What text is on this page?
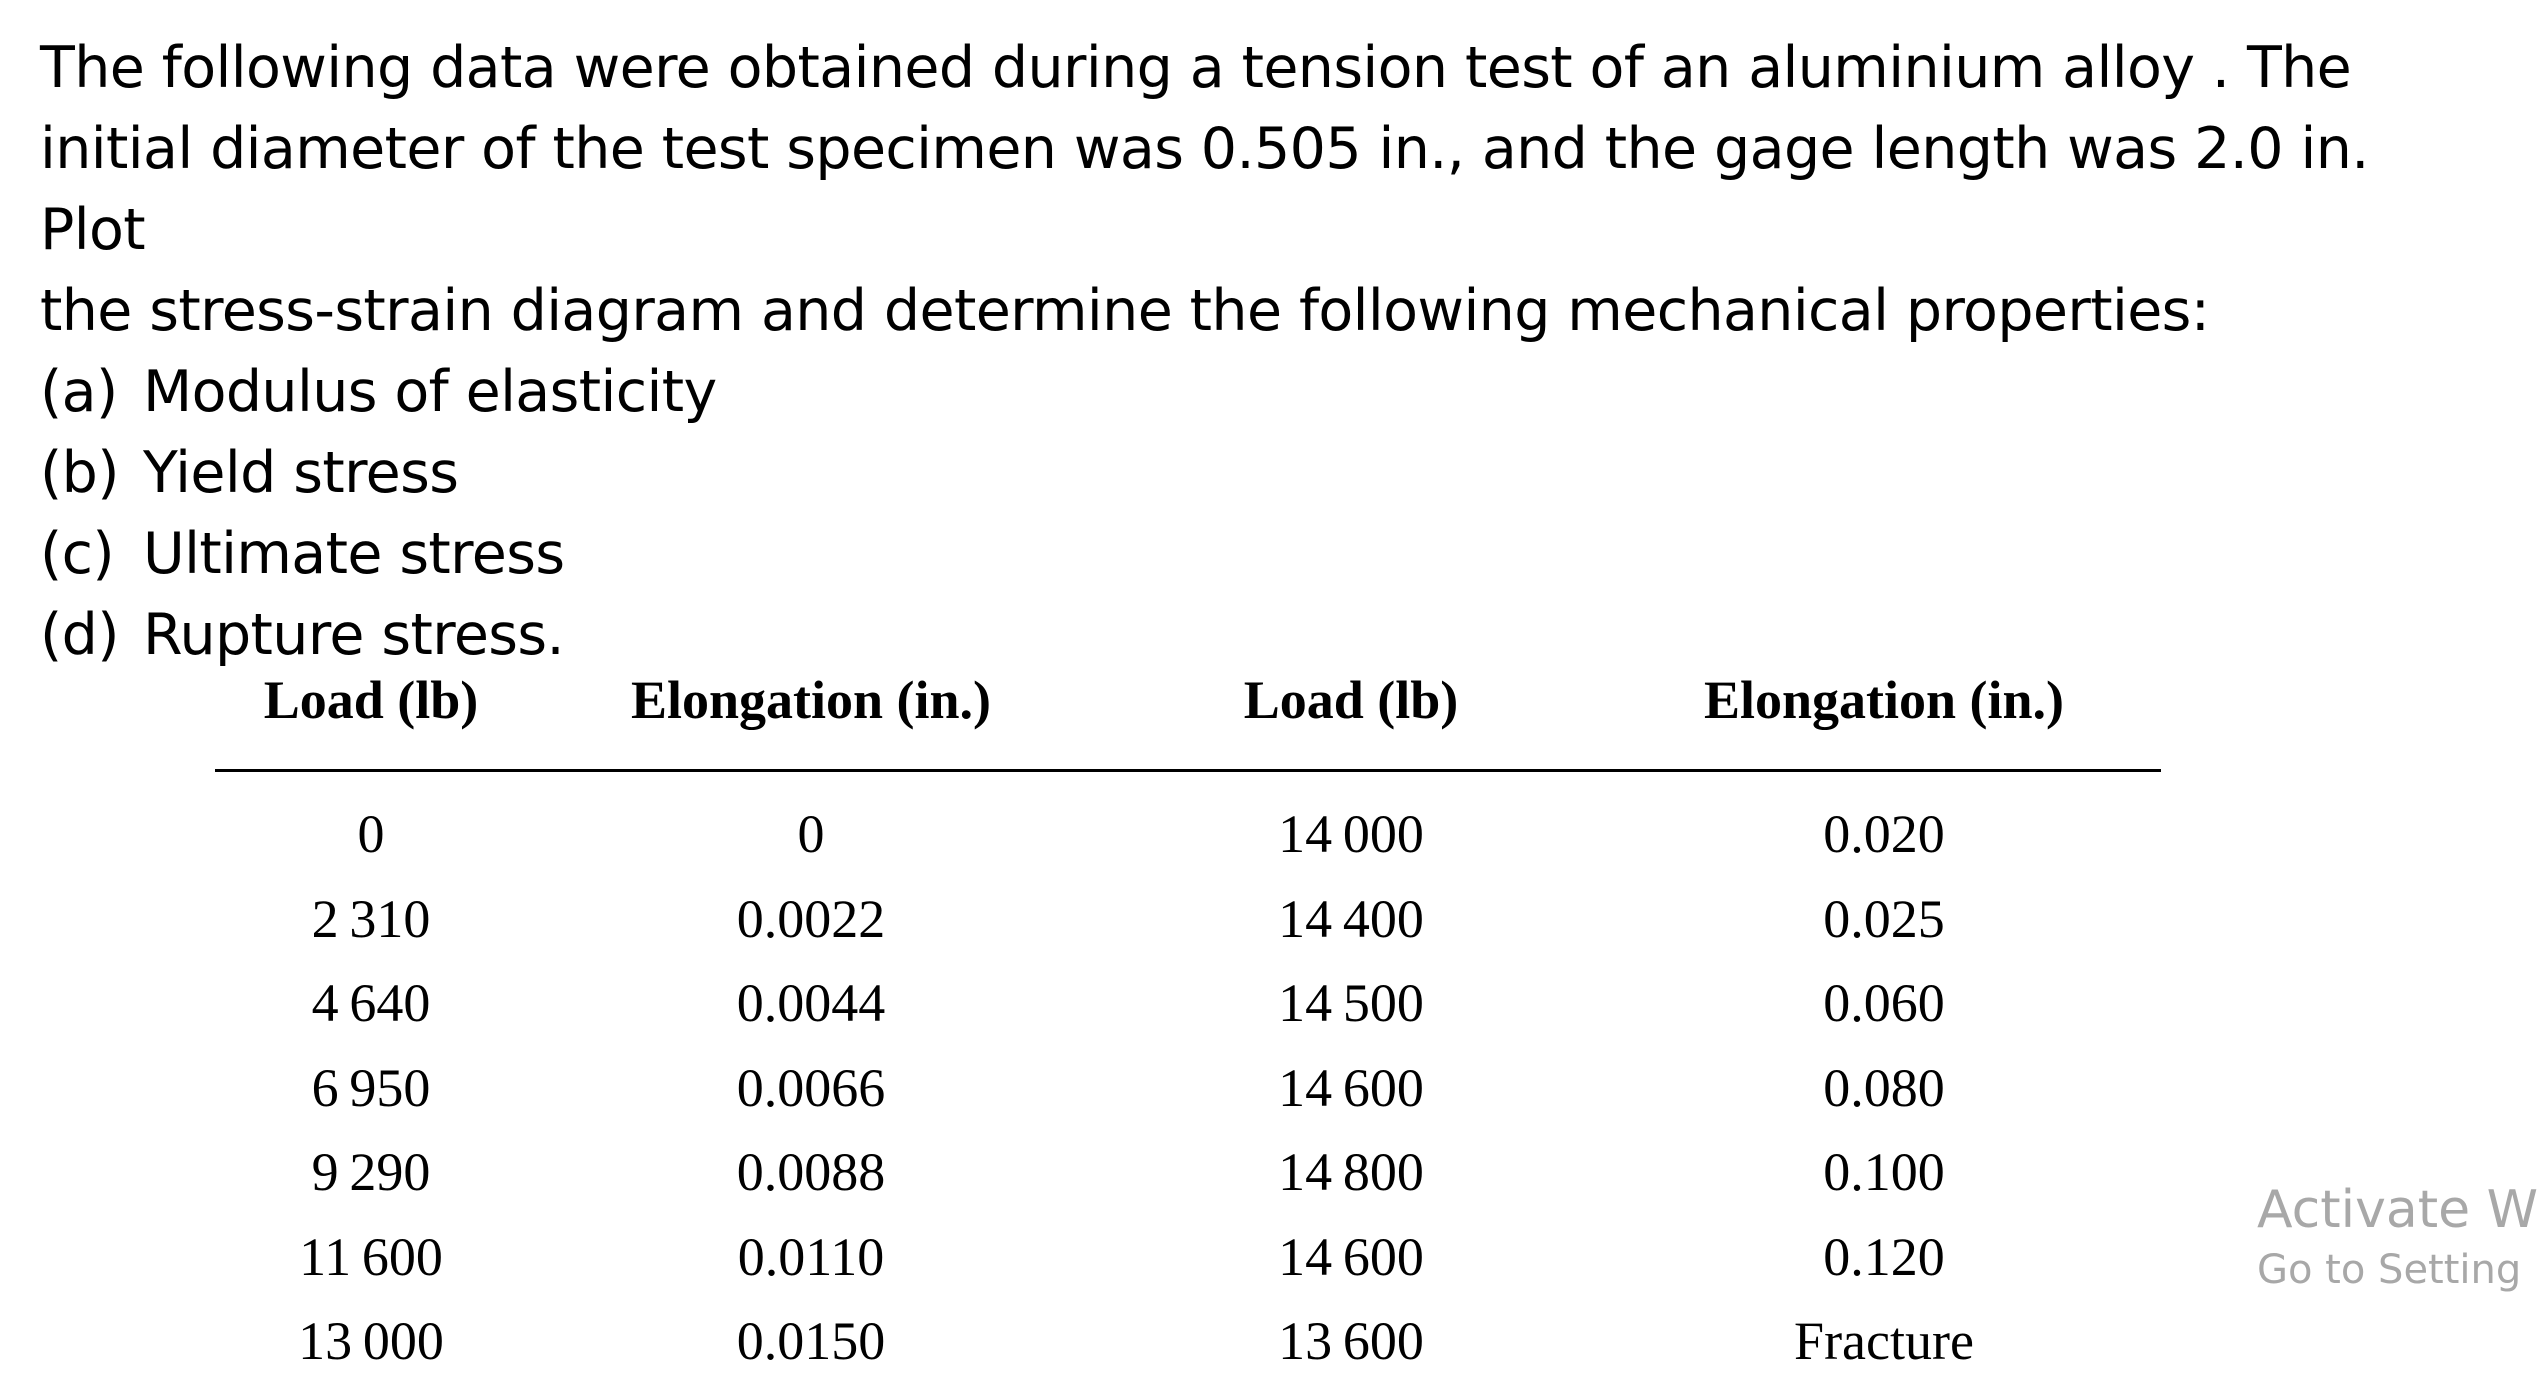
The following data were obtained during a tension test of an aluminium alloy . The

initial diameter of the test specimen was 0.505 in., and the gage length was 2.0 in. Plot

the stress-strain diagram and determine the following mechanical properties:

(a) Modulus of elasticity
(b) Yield stress
(c) Ultimate stress
(d) Rupture stress.
Load (lb)	Elongation (in.)	Load (lb)	Elongation (in.)
0	0	14 000	0.020
2 310	0.0022	14 400	0.025
4 640	0.0044	14 500	0.060
6 950	0.0066	14 600	0.080
9 290	0.0088	14 800	0.100
11 600	0.0110	14 600	0.120
13 000	0.0150	13 600	Fracture
Activate W
Go to Setting
